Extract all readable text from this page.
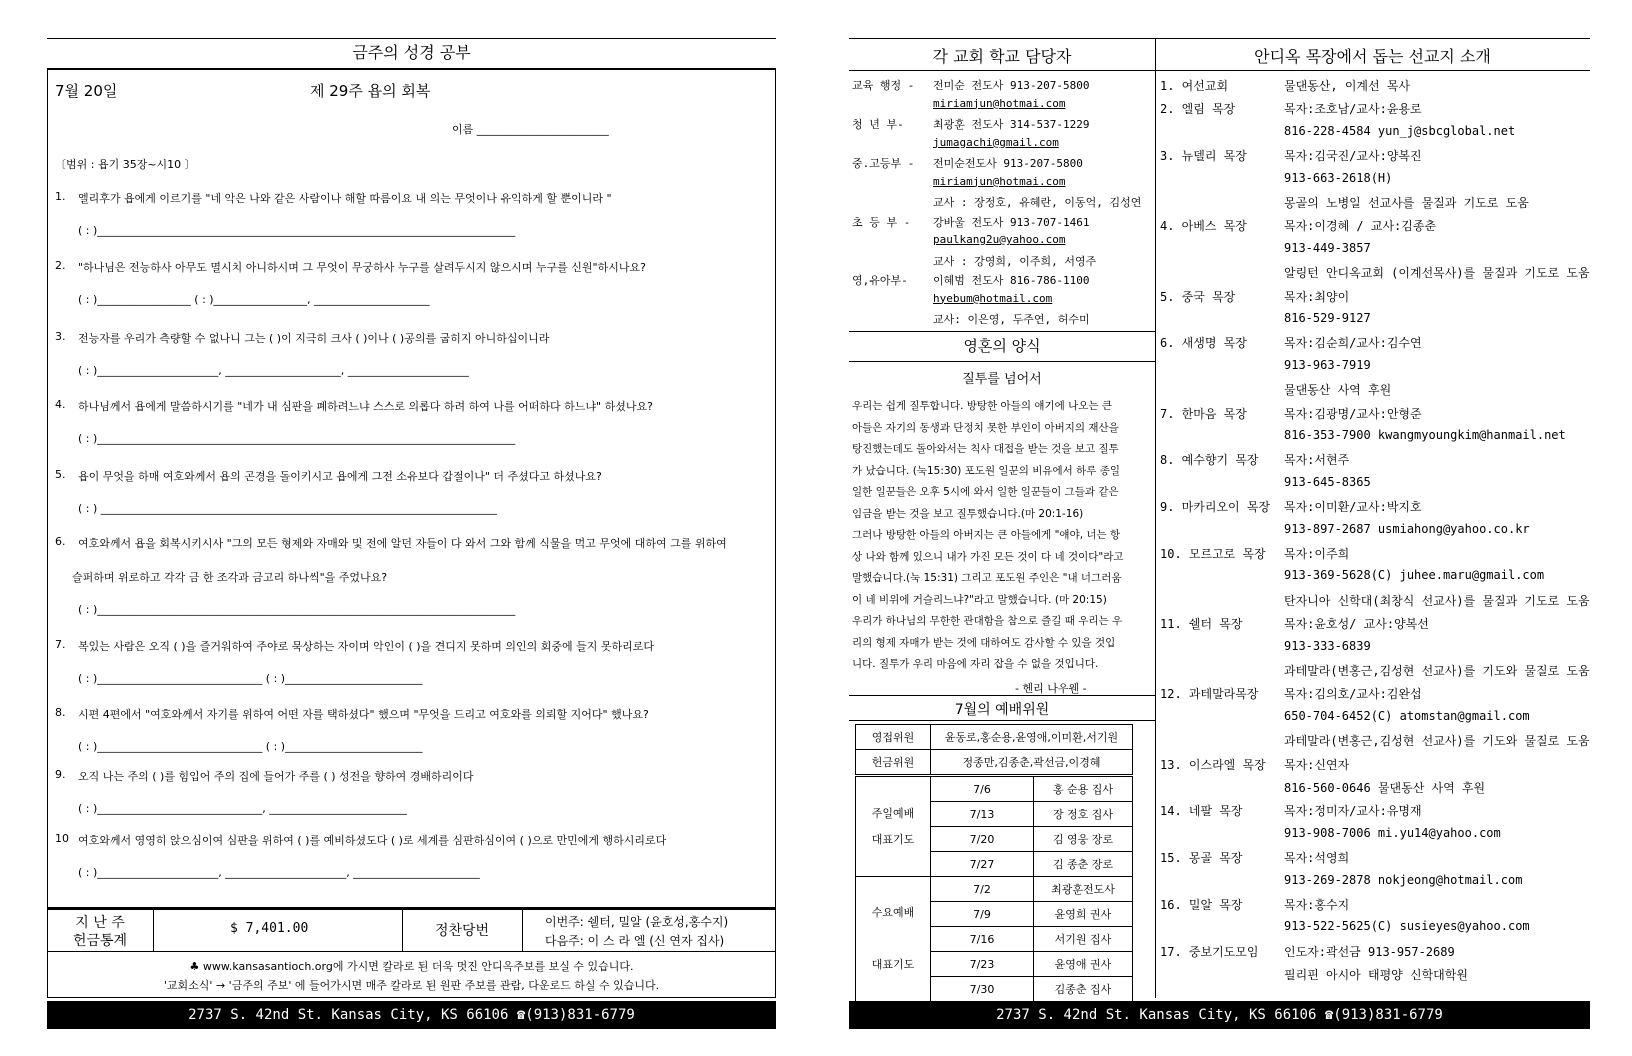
금주의 성경 공부
7월 20일	제 29주 욥의 회복
이름 ________________________
〔범위 : 욥기 35장~시10 〕
1. 엘리후가 욥에게 이르기를 "네 악은 나와 같은 사람이나 해할 따름이요 내 의는 무엇이나 유익하게 할 뿐이니라 "
( : )____________________________________________________________________________
2. "하나님은 전능하사 아무도 멸시치 아니하시며 그 무엇이 무궁하사 누구를 살려두시지 않으시며 누구를 신원"하시나요?
( : )_________________ ( : )_________________, _____________________
3. 전능자를 우리가 측량할 수 없나니 그는 ( )이 지극히 크사 ( )이나 ( )공의를 굽히지 아니하십이니라
( : )______________________, _____________________, ______________________
4. 하나님께서 욥에게 말씀하시기를 "네가 내 심판을 폐하려느냐 스스로 의롭다 하려 하여 나를 어떠하다 하느냐" 하셨나요?
( : )____________________________________________________________________________
5. 욥이 무엇을 하매 여호와께서 욥의 곤경을 돌이키시고 욥에게 그전 소유보다 갑절이나" 더 주셨다고 하셨나요?
( : ) ________________________________________________________________________
6. 여호와께서 욥을 회복시키시사 "그의 모든 형제와 자매와 및 전에 알던 자들이 다 와서 그와 함께 식물을 먹고 무엇에 대하여 그를 위하여
슬퍼하며 위로하고 각각 금 한 조각과 금고리 하나씩"을 주었나요?
( : )____________________________________________________________________________
7. 복있는 사람은 오직 ( )을 즐거워하여 주야로 묵상하는 자이며 악인이 ( )을 견디지 못하며 의인의 회중에 들지 못하리로다
( : )______________________________ ( : )_________________________
8. 시편 4편에서 "여호와께서 자기를 위하여 어떤 자를 택하셨다" 했으며 "무엇을 드리고 여호와를 의뢰할 지어다" 했나요?
( : )______________________________ ( : )_________________________
9. 오직 나는 주의 ( )를 힘입어 주의 집에 들어가 주를 ( ) 성전을 향하여 경배하리이다
( : )______________________________, _________________________
10 여호와께서 영영히 앉으심이여 심판을 위하여 ( )를 예비하셨도다 ( )로 세계를 심판하심이여 ( )으로 만민에게 행하시리로다
( : )______________________, ______________________, _______________________
지 난 주
헌금통계
$ 7,401.00	정찬당번
이번주: 쉘터, 밀알 (윤호성,홍수지)
다음주: 이 스 라 엘 (신 연자 집사)
♣ www.kansasantioch.org에 가시면 칼라로 된 더욱 멋진 안디옥주보를 보실 수 있습니다.
'교회소식' → '금주의 주보' 에 들어가시면 매주 칼라로 된 원판 주보를 관람, 다운로드 하실 수 있습니다.
2737 S. 42nd St. Kansas City, KS 66106 ☎(913)831-6779
각 교회 학교 담당자
교육 행정 - 전미순 전도사 913-207-5800
miriamjun@hotmai.com
청 년 부-	최광훈 전도사 314-537-1229
jumagachi@gmail.com
중.고등부 - 전미순전도사 913-207-5800
miriamjun@hotmai.com
교사 : 장정호, 유혜란, 이동억, 김성연
초 등 부 - 강바울 전도사 913-707-1461
paulkang2u@yahoo.com
교사 : 강영희, 이주희, 서영주
영,유아부- 이혜범 전도사 816-786-1100
hyebum@hotmail.com
교사: 이은영, 두주연, 허수미
영혼의 양식
질투를 넘어서
우리는 쉽게 질투합니다. 방탕한 아들의 얘기에 나오는 큰
아들은 자기의 동생과 단정치 못한 부인이 아버지의 재산을
탕진했는데도 돌아와서는 칙사 대접을 받는 것을 보고 질투
가 났습니다. (눅15:30) 포도원 일꾼의 비유에서 하루 종일
일한 일꾼들은 오후 5시에 와서 일한 일꾼들이 그들과 같은
임금을 받는 것을 보고 질투했습니다.(마 20:1-16)
그러나 방탕한 아들의 아버지는 큰 아들에게 "얘야, 너는 항
상 나와 함께 있으니 내가 가진 모든 것이 다 네 것이다"라고
말했습니다.(눅 15:31) 그리고 포도원 주인은 "내 너그러움
이 네 비위에 거슬리느냐?"라고 말했습니다. (마 20:15)
우리가 하나님의 무한한 관대함을 참으로 즐길 때 우리는 우
리의 형제 자매가 받는 것에 대하여도 감사할 수 있을 것입
니다. 질투가 우리 마음에 자리 잡을 수 없을 것입니다.
- 헨리 나우웬 -
7월의 예배위원
영접위원	윤동로,홍순용,윤영애,이미환,서기원
헌금위원	정종만,김종춘,곽선금,이경혜
주일예배
대표기도	7/6	홍 순용 집사
	7/13	장 정호 집사
	7/20	김 영웅 장로
	7/27	김 종춘 장로
수요예배

대표기도	7/2	최광훈전도사
	7/9	윤영희 권사
	7/16	서기원 집사
	7/23	윤영애 권사
	7/30	김종춘 집사
안디옥 목장에서 돕는 선교지 소개
1. 여선교회	물댄동산, 이계선 목사
2. 엘림 목장	목자:조호남/교사:윤용로
816-228-4584 yun_j@sbcglobal.net
3. 뉴델리 목장	목자:김국진/교사:양복진
913-663-2618(H)
몽골의 노병일 선교사를 물질과 기도로 도움
4. 아베스 목장	목자:이경혜 / 교사:김종춘
913-449-3857
알링턴 안디옥교회 (이계선목사)를 물질과 기도로 도움
5. 중국 목장	목자:최양이
816-529-9127
6. 새생명 목장	목자:김순희/교사:김수연
913-963-7919
물댄동산 사역 후원
7. 한마음 목장	목자:김광명/교사:안형준
816-353-7900 kwangmyoungkim@hanmail.net
8. 예수향기 목장 목자:서현주
913-645-8365
9. 마카리오이 목장 목자:이미환/교사:박지호
913-897-2687 usmiahong@yahoo.co.kr
10. 모르고로 목장 목자:이주희
913-369-5628(C) juhee.maru@gmail.com
탄자니아 신학대(최창식 선교사)를 물질과 기도로 도움
11. 쉘터 목장	목자:윤호성/ 교사:양복선
913-333-6839
과테말라(변홍근,김성현 선교사)를 기도와 물질로 도움
12. 과테말라목장 목자:김의호/교사:김완섭
650-704-6452(C) atomstan@gmail.com
과테말라(변홍근,김성현 선교사)를 기도와 물질로 도움
13. 이스라엘 목장 목자:신연자
816-560-0646 물댄동산 사역 후원
14. 네팔 목장	목자:정미자/교사:유명재
913-908-7006 mi.yu14@yahoo.com
15. 몽골 목장	목자:석영희
913-269-2878 nokjeong@hotmail.com
16. 밀알 목장	목자:홍수지
913-522-5625(C) susieyes@yahoo.com
17. 중보기도모임 인도자:곽선금 913-957-2689
필리핀 아시아 태평양 신학대학원
2737 S. 42nd St. Kansas City, KS 66106 ☎(913)831-6779
